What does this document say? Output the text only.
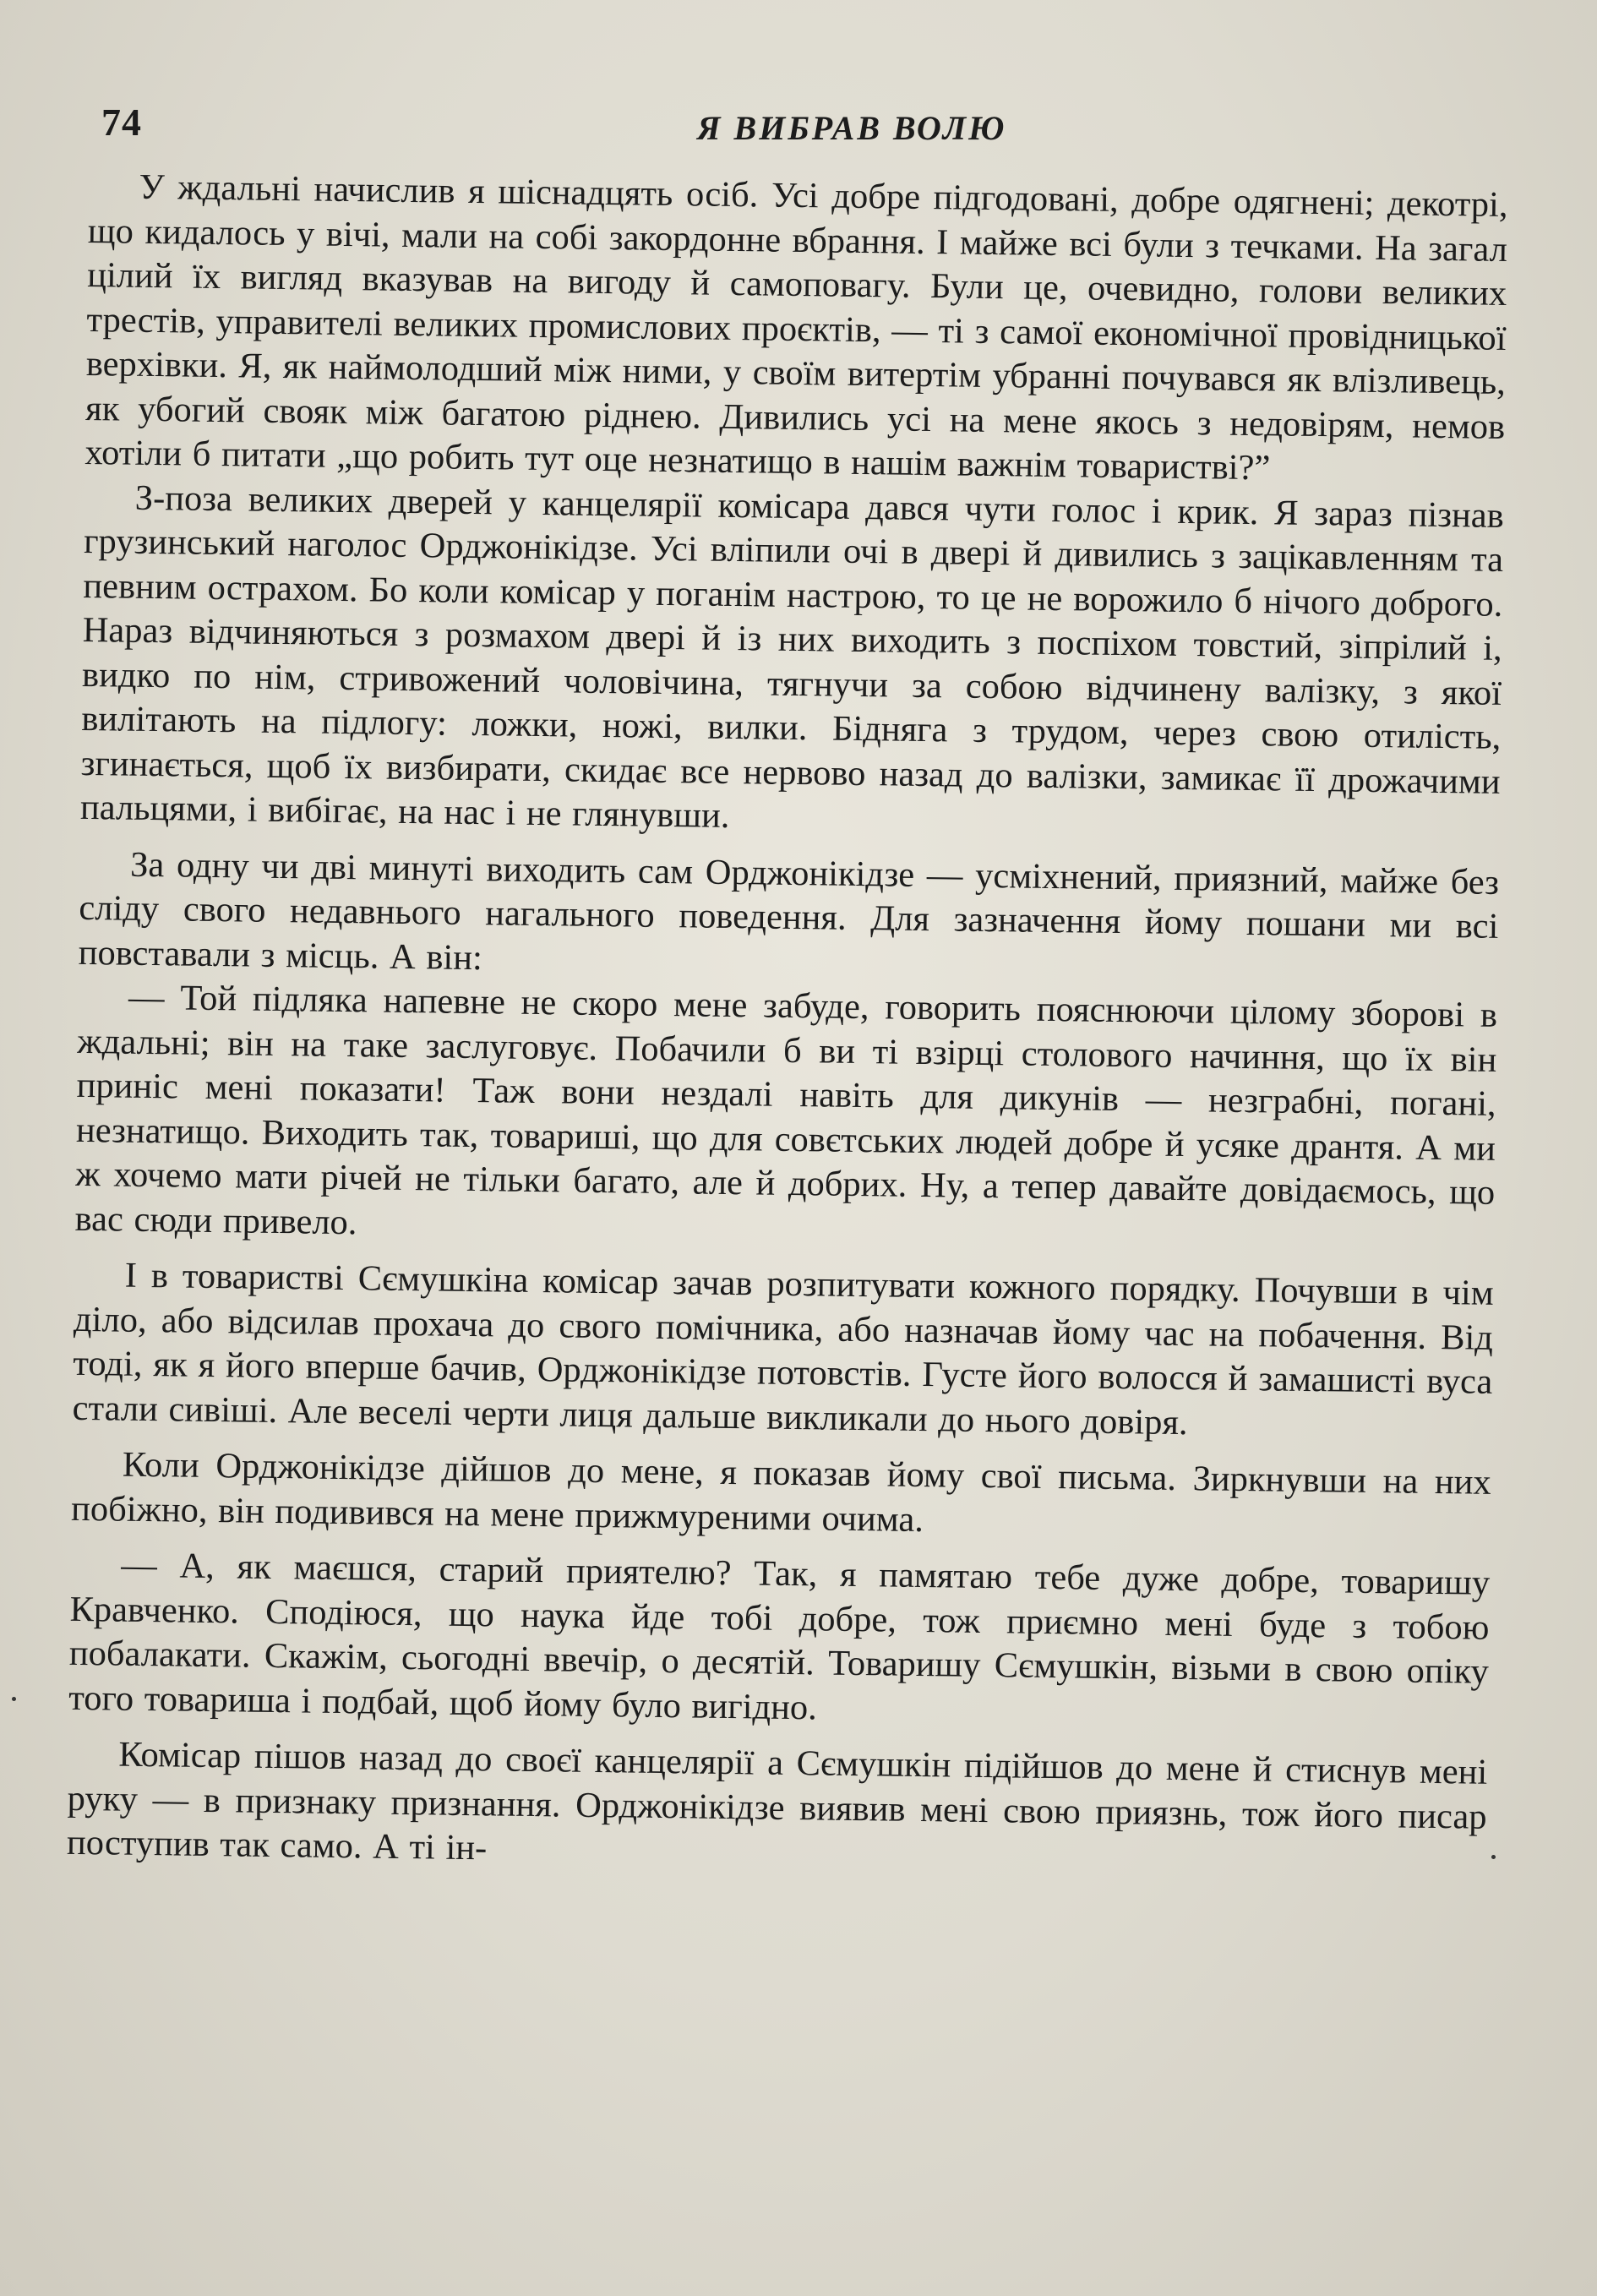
74	Я ВИБРАВ ВОЛЮ

У ждальні начислив я шіснадцять осіб. Усі добре підгодовані, добре одягнені; декотрі, що кидалось у вічі, мали на собі закордонне вбрання. І майже всі були з течками. На загал цілий їх вигляд вказував на вигоду й самоповагу. Були це, очевидно, голови великих трестів, управителі великих промислових проєктів, — ті з самої економічної провідницької верхівки. Я, як наймолодший між ними, у своїм витертім убранні почувався як влізливець, як убогий свояк між багатою ріднею. Дивились усі на мене якось з недовірям, немов хотіли б питати „що робить тут оце незнатищо в нашім важнім товаристві?”

З-поза великих дверей у канцелярії комісара дався чути голос і крик. Я зараз пізнав грузинський наголос Орджонікідзе. Усі вліпили очі в двері й дивились з зацікавленням та певним острахом. Бо коли комісар у поганім настрою, то це не ворожило б нічого доброго. Нараз відчиняються з розмахом двері й із них виходить з поспіхом товстий, зіпрілий і, видко по нім, стривожений чоловічина, тягнучи за собою відчинену валізку, з якої вилітають на підлогу: ложки, ножі, вилки. Бідняга з трудом, через свою отилість, згинається, щоб їх визбирати, скидає все нервово назад до валізки, замикає її дрожачими пальцями, і вибігає, на нас і не глянувши.

За одну чи дві минуті виходить сам Орджонікідзе — усміхнений, приязний, майже без сліду свого недавнього нагального поведення. Для зазначення йому пошани ми всі повставали з місць. А він:

— Той підляка напевне не скоро мене забуде, говорить пояснюючи цілому зборові в ждальні; він на таке заслуговує. Побачили б ви ті взірці столового начиння, що їх він приніс мені показати! Таж вони нездалі навіть для дикунів — незграбні, погані, незнатищо. Виходить так, товариші, що для совєтських людей добре й усяке дрантя. А ми ж хочемо мати річей не тільки багато, але й добрих. Ну, а тепер давайте довідаємось, що вас сюди привело.

І в товаристві Сємушкіна комісар зачав розпитувати кожного порядку. Почувши в чім діло, або відсилав прохача до свого помічника, або назначав йому час на побачення. Від тоді, як я його вперше бачив, Орджонікідзе потовстів. Густе його волосся й замашисті вуса стали сивіші. Але веселі черти лиця дальше викликали до нього довіря.

Коли Орджонікідзе дійшов до мене, я показав йому свої письма. Зиркнувши на них побіжно, він подивився на мене прижмуреними очима.

— А, як маєшся, старий приятелю? Так, я памятаю тебе дуже добре, товаришу Кравченко. Сподіюся, що наука йде тобі добре, тож приємно мені буде з тобою побалакати. Скажім, сьогодні ввечір, о десятій. Товаришу Сємушкін, візьми в свою опіку того товариша і подбай, щоб йому було вигідно.

Комісар пішов назад до своєї канцелярії а Сємушкін підійшов до мене й стиснув мені руку — в признаку признання. Орджонікідзе виявив мені свою приязнь, тож його писар поступив так само. А ті ін-
